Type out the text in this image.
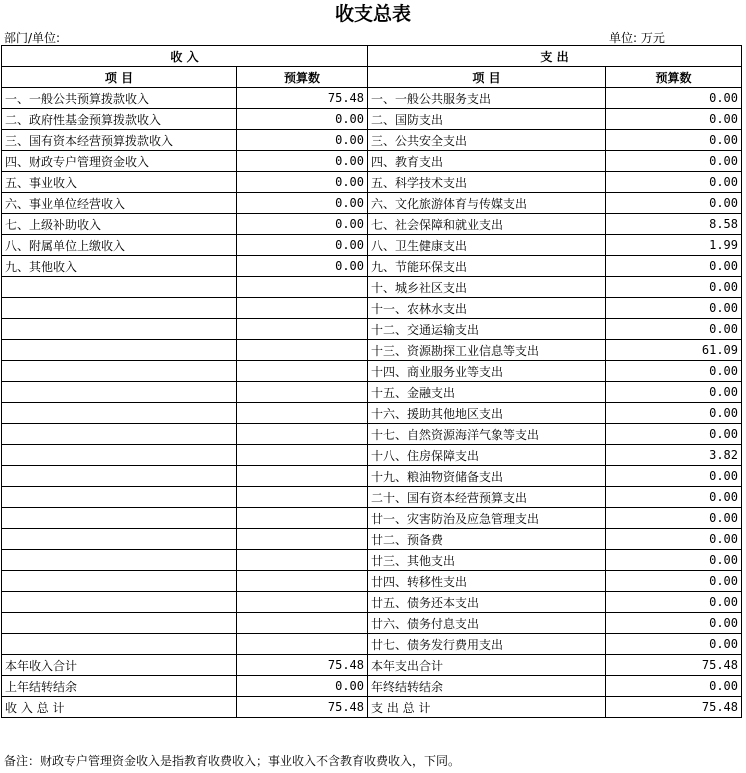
收支总表
部门/单位:	单位: 万元
收 入		支 出	
项 目	预算数	项 目	预算数
一、一般公共预算拨款收入	75.48	一、一般公共服务支出	0.00
二、政府性基金预算拨款收入	0.00	二、国防支出	0.00
三、国有资本经营预算拨款收入	0.00	三、公共安全支出	0.00
四、财政专户管理资金收入	0.00	四、教育支出	0.00
五、事业收入	0.00	五、科学技术支出	0.00
六、事业单位经营收入	0.00	六、文化旅游体育与传媒支出	0.00
七、上级补助收入	0.00	七、社会保障和就业支出	8.58
八、附属单位上缴收入	0.00	八、卫生健康支出	1.99
九、其他收入	0.00	九、节能环保支出	0.00
		十、城乡社区支出	0.00
		十一、农林水支出	0.00
		十二、交通运输支出	0.00
		十三、资源勘探工业信息等支出	61.09
		十四、商业服务业等支出	0.00
		十五、金融支出	0.00
		十六、援助其他地区支出	0.00
		十七、自然资源海洋气象等支出	0.00
		十八、住房保障支出	3.82
		十九、粮油物资储备支出	0.00
		二十、国有资本经营预算支出	0.00
		廿一、灾害防治及应急管理支出	0.00
		廿二、预备费	0.00
		廿三、其他支出	0.00
		廿四、转移性支出	0.00
		廿五、债务还本支出	0.00
		廿六、债务付息支出	0.00
		廿七、债务发行费用支出	0.00
本年收入合计	75.48	本年支出合计	75.48
上年结转结余	0.00	年终结转结余	0.00
收 入 总 计	75.48	支 出 总 计	75.48
备注：财政专户管理资金收入是指教育收费收入；事业收入不含教育收费收入，下同。
